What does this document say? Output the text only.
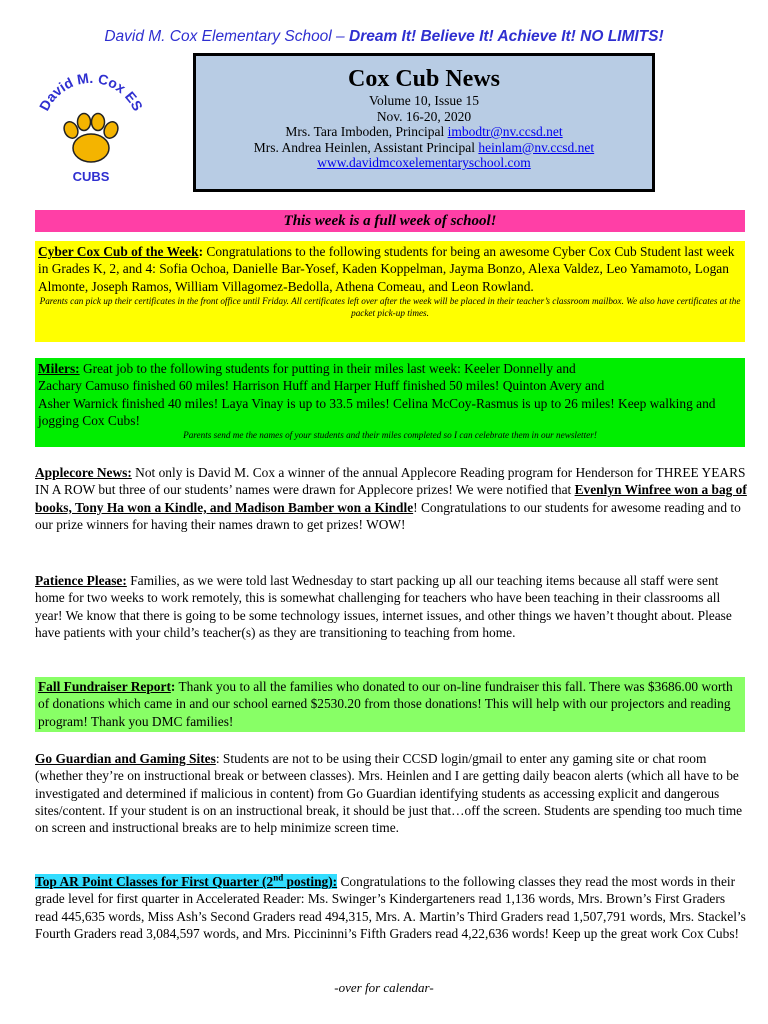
David M. Cox Elementary School – Dream It! Believe It! Achieve It! NO LIMITS!
David M. Cox ES
CUBS
Cox Cub News
Volume 10, Issue 15
Nov. 16-20, 2020
Mrs. Tara Imboden, Principal imbodtr@nv.ccsd.net
Mrs. Andrea Heinlen, Assistant Principal heinlam@nv.ccsd.net
www.davidmcoxelementaryschool.com
This week is a full week of school!
Cyber Cox Cub of the Week: Congratulations to the following students for being an awesome Cyber Cox Cub Student last week in Grades K, 2, and 4: Sofia Ochoa, Danielle Bar-Yosef, Kaden Koppelman, Jayma Bonzo, Alexa Valdez, Leo Yamamoto, Logan Almonte, Joseph Ramos, William Villagomez-Bedolla, Athena Comeau, and Leon Rowland.
Parents can pick up their certificates in the front office until Friday. All certificates left over after the week will be placed in their teacher’s classroom mailbox. We also have certificates at the packet pick-up times.
Milers: Great job to the following students for putting in their miles last week: Keeler Donnelly and
Zachary Camuso finished 60 miles! Harrison Huff and Harper Huff finished 50 miles! Quinton Avery and
Asher Warnick finished 40 miles! Laya Vinay is up to 33.5 miles! Celina McCoy-Rasmus is up to 26 miles! Keep walking and jogging Cox Cubs!
Parents send me the names of your students and their miles completed so I can celebrate them in our newsletter!
Applecore News: Not only is David M. Cox a winner of the annual Applecore Reading program for Henderson for THREE YEARS IN A ROW but three of our students’ names were drawn for Applecore prizes! We were notified that Evenlyn Winfree won a bag of books, Tony Ha won a Kindle, and Madison Bamber won a Kindle! Congratulations to our students for awesome reading and to our prize winners for having their names drawn to get prizes! WOW!
Patience Please: Families, as we were told last Wednesday to start packing up all our teaching items because all staff were sent home for two weeks to work remotely, this is somewhat challenging for teachers who have been teaching in their classrooms all year! We know that there is going to be some technology issues, internet issues, and other things we haven’t thought about. Please have patients with your child’s teacher(s) as they are transitioning to teaching from home.
Fall Fundraiser Report: Thank you to all the families who donated to our on-line fundraiser this fall. There was $3686.00 worth of donations which came in and our school earned $2530.20 from those donations! This will help with our projectors and reading program! Thank you DMC families!
Go Guardian and Gaming Sites: Students are not to be using their CCSD login/gmail to enter any gaming site or chat room (whether they’re on instructional break or between classes). Mrs. Heinlen and I are getting daily beacon alerts (which all have to be investigated and determined if malicious in content) from Go Guardian identifying students as accessing explicit and dangerous sites/content. If your student is on an instructional break, it should be just that…off the screen. Students are spending too much time on screen and instructional breaks are to help minimize screen time.
Top AR Point Classes for First Quarter (2nd posting): Congratulations to the following classes they read the most words in their grade level for first quarter in Accelerated Reader: Ms. Swinger’s Kindergarteners read 1,136 words, Mrs. Brown’s First Graders read 445,635 words, Miss Ash’s Second Graders read 494,315, Mrs. A. Martin’s Third Graders read 1,507,791 words, Mrs. Stackel’s Fourth Graders read 3,084,597 words, and Mrs. Piccininni’s Fifth Graders read 4,22,636 words! Keep up the great work Cox Cubs!
-over for calendar-
